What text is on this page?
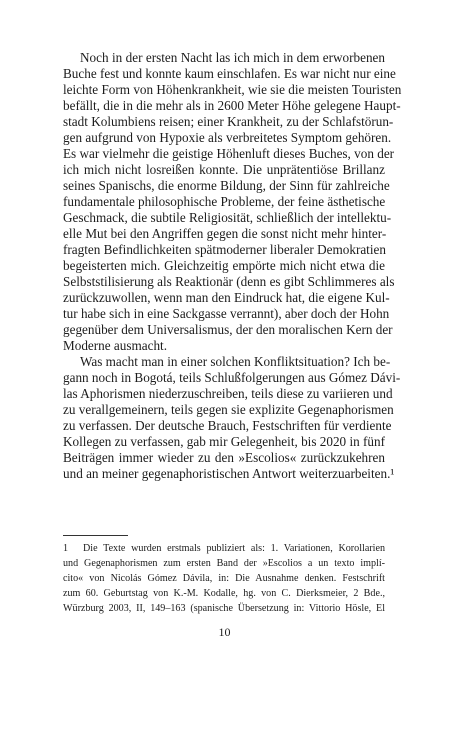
Noch in der ersten Nacht las ich mich in dem erworbenen
Buche fest und konnte kaum einschlafen. Es war nicht nur eine
leichte Form von Höhenkrankheit, wie sie die meisten Touristen
befällt, die in die mehr als in 2600 Meter Höhe gelegene Haupt-
stadt Kolumbiens reisen; einer Krankheit, zu der Schlafstörun-
gen aufgrund von Hypoxie als verbreitetes Symptom gehören.
Es war vielmehr die geistige Höhenluft dieses Buches, von der
ich mich nicht losreißen konnte. Die unprätentiöse Brillanz
seines Spanischs, die enorme Bildung, der Sinn für zahlreiche
fundamentale philosophische Probleme, der feine ästhetische
Geschmack, die subtile Religiosität, schließlich der intellektu-
elle Mut bei den Angriffen gegen die sonst nicht mehr hinter-
fragten Befindlichkeiten spätmoderner liberaler Demokratien
begeisterten mich. Gleichzeitig empörte mich nicht etwa die
Selbststilisierung als Reaktionär (denn es gibt Schlimmeres als
zurückzuwollen, wenn man den Eindruck hat, die eigene Kul-
tur habe sich in eine Sackgasse verrannt), aber doch der Hohn
gegenüber dem Universalismus, der den moralischen Kern der
Moderne ausmacht.
Was macht man in einer solchen Konfliktsituation? Ich be-
gann noch in Bogotá, teils Schlußfolgerungen aus Gómez Dávi-
las Aphorismen niederzuschreiben, teils diese zu variieren und
zu verallgemeinern, teils gegen sie explizite Gegenaphorismen
zu verfassen. Der deutsche Brauch, Festschriften für verdiente
Kollegen zu verfassen, gab mir Gelegenheit, bis 2020 in fünf
Beiträgen immer wieder zu den »Escolios« zurückzukehren
und an meiner gegenaphoristischen Antwort weiterzuarbeiten.¹
1 Die Texte wurden erstmals publiziert als: 1. Variationen, Korollarien
und Gegenaphorismen zum ersten Band der »Escolios a un texto implí-
cito« von Nicolás Gómez Dávila, in: Die Ausnahme denken. Festschrift
zum 60. Geburtstag von K.-M. Kodalle, hg. von C. Dierksmeier, 2 Bde.,
Würzburg 2003, II, 149–163 (spanische Übersetzung in: Vittorio Hösle, El
10
